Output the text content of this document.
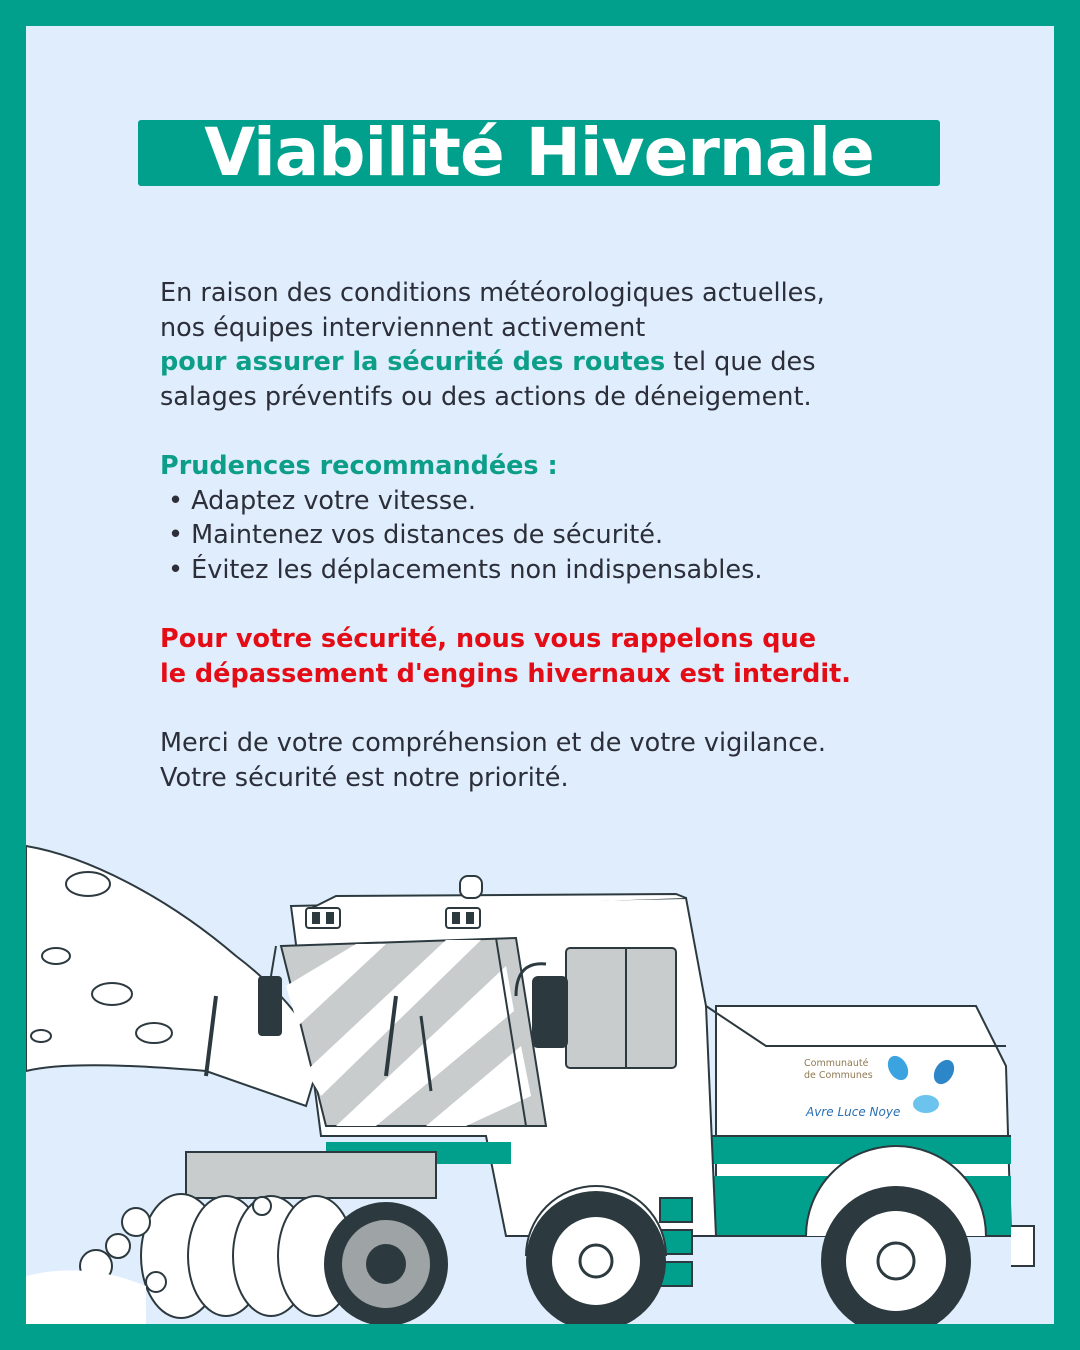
Viabilité Hivernale

En raison des conditions météorologiques actuelles,

nos équipes interviennent activement

pour assurer la sécurité des routes tel que des

salages préventifs ou des actions de déneigement.

Prudences recommandées :

• Adaptez votre vitesse.

• Maintenez vos distances de sécurité.

• Évitez les déplacements non indispensables.

Pour votre sécurité, nous vous rappelons que

le dépassement d'engins hivernaux est interdit.

Merci de votre compréhension et de votre vigilance.

Votre sécurité est notre priorité.

Communauté
de Communes
Avre Luce Noye
